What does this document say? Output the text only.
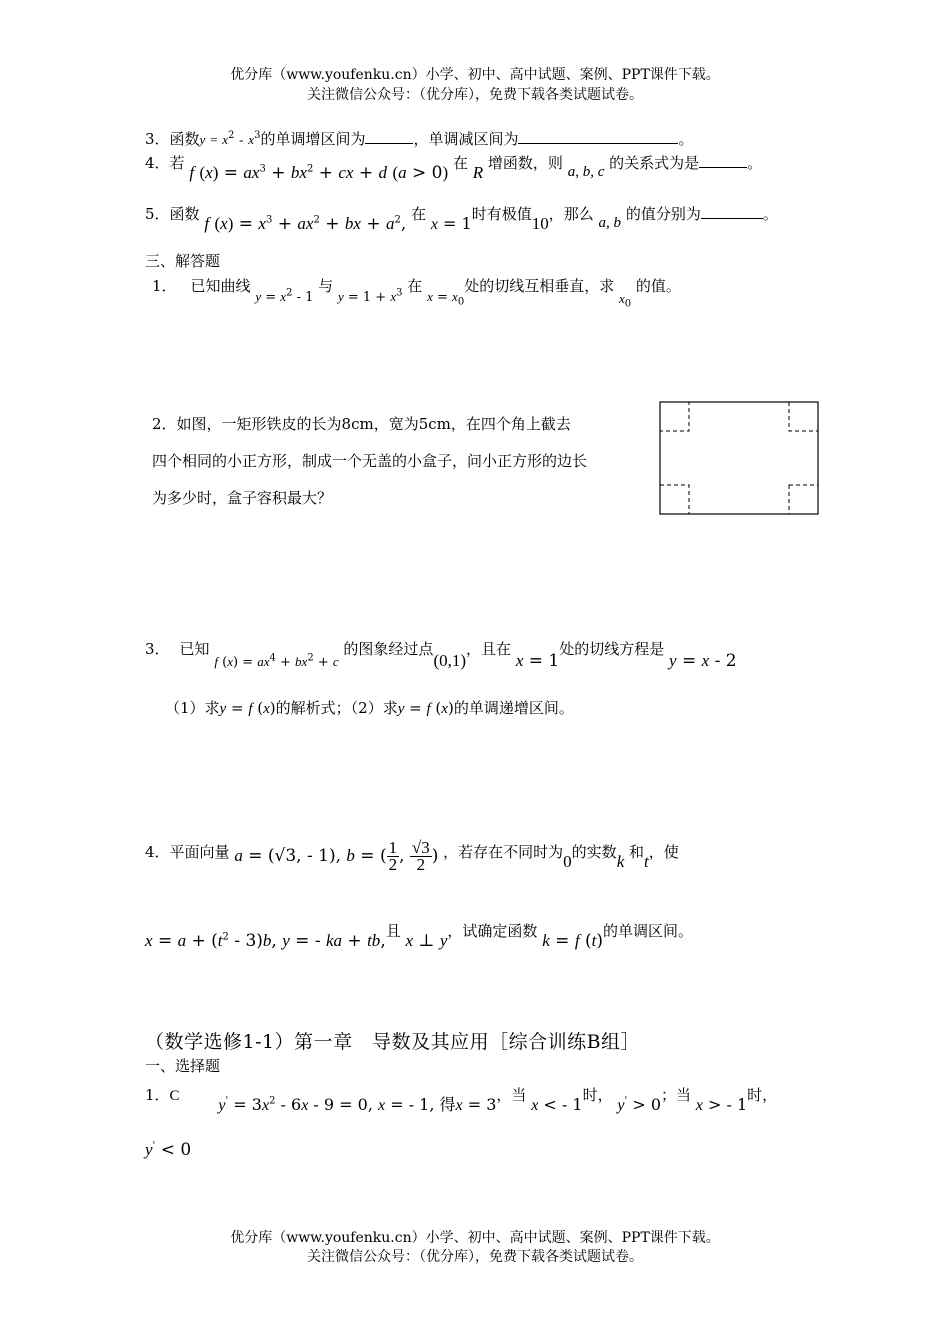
优分库（www.youfenku.cn）小学、初中、高中试题、案例、PPT课件下载。
关注微信公众号：（优分库），免费下载各类试题试卷。
3．函数$y = x^2 - x^3$的单调增区间为	，单调减区间为	。
4．若 f $(x) = ax^3 + bx^2$ + cx + d (a > 0) 在 R 增函数，则 a, b, c 的关系式为是	。
5．函数 f $(x) = x^3 + ax^2$ + bx + $a^2$, 在 x = 1时有极值10，那么 a, b 的值分别为	。
三、解答题
1． 已知曲线 $y = x^2 - 1$ 与 $y = 1 + x^3$ 在 $x = x_0$处的切线互相垂直，求 $x_0$ 的值。
2．如图，一矩形铁皮的长为8cm，宽为5cm，在四个角上截去
四个相同的小正方形，制成一个无盖的小盒子，问小正方形的边长
为多少时，盒子容积最大？
3． 已知 f $(x) = ax^4 + bx^2 + c$ 的图象经过点(0,1)，且在 x = 1处的切线方程是 y = x - 2
（1）求y = f (x)的解析式；（2）求y = f (x)的单调递增区间。
4．平面向量 a = (√3, - 1), b = ( $\frac{1}{2}$ , $\frac{√3}{2}$ ) ，若存在不同时为0的实数k 和t，使
$x = a + (t^2 - 3)b$, y = - ka + tb,且 x ⊥ y，试确定函数 k = f (t)的单调区间。
（数学选修1-1）第一章　导数及其应用［综合训练B组］
一、选择题
1．C $y' = 3x^2 - 6x - 9 = 0$, x = - 1, 得x = 3，当 x < - 1时， y' > 0；当 x > - 1时，
y' < 0
优分库（www.youfenku.cn）小学、初中、高中试题、案例、PPT课件下载。
关注微信公众号：（优分库），免费下载各类试题试卷。
